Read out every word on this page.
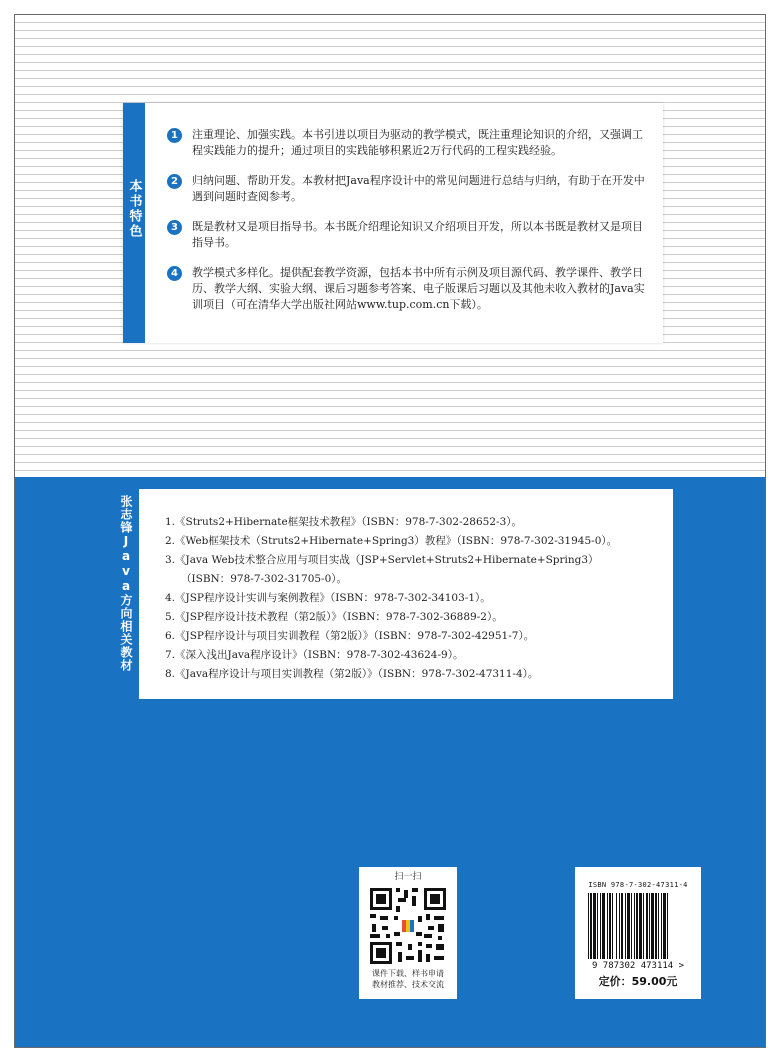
本书特色
1	注重理论、加强实践。本书引进以项目为驱动的教学模式，既注重理论知识的介绍，又强调工程实践能力的提升；通过项目的实践能够积累近2万行代码的工程实践经验。
2	归纳问题、帮助开发。本教材把Java程序设计中的常见问题进行总结与归纳，有助于在开发中遇到问题时查阅参考。
3	既是教材又是项目指导书。本书既介绍理论知识又介绍项目开发，所以本书既是教材又是项目指导书。
4	教学模式多样化。提供配套教学资源，包括本书中所有示例及项目源代码、教学课件、教学日历、教学大纲、实验大纲、课后习题参考答案、电子版课后习题以及其他未收入教材的Java实训项目（可在清华大学出版社网站www.tup.com.cn下载）。
张志锋Java方向相关教材	1.《Struts2+Hibernate框架技术教程》（ISBN：978-7-302-28652-3）。
2.《Web框架技术（Struts2+Hibernate+Spring3）教程》（ISBN：978-7-302-31945-0）。
3.《Java Web技术整合应用与项目实战（JSP+Servlet+Struts2+Hibernate+Spring3）
（ISBN：978-7-302-31705-0）。
4.《JSP程序设计实训与案例教程》（ISBN：978-7-302-34103-1）。
5.《JSP程序设计技术教程（第2版）》（ISBN：978-7-302-36889-2）。
6.《JSP程序设计与项目实训教程（第2版）》（ISBN：978-7-302-42951-7）。
7.《深入浅出Java程序设计》（ISBN：978-7-302-43624-9）。
8.《Java程序设计与项目实训教程（第2版）》（ISBN：978-7-302-47311-4）。
扫一扫
课件下载、样书申请
教材推荐、技术交流
ISBN 978-7-302-47311-4
9 787302 473114 >
定价：59.00元
